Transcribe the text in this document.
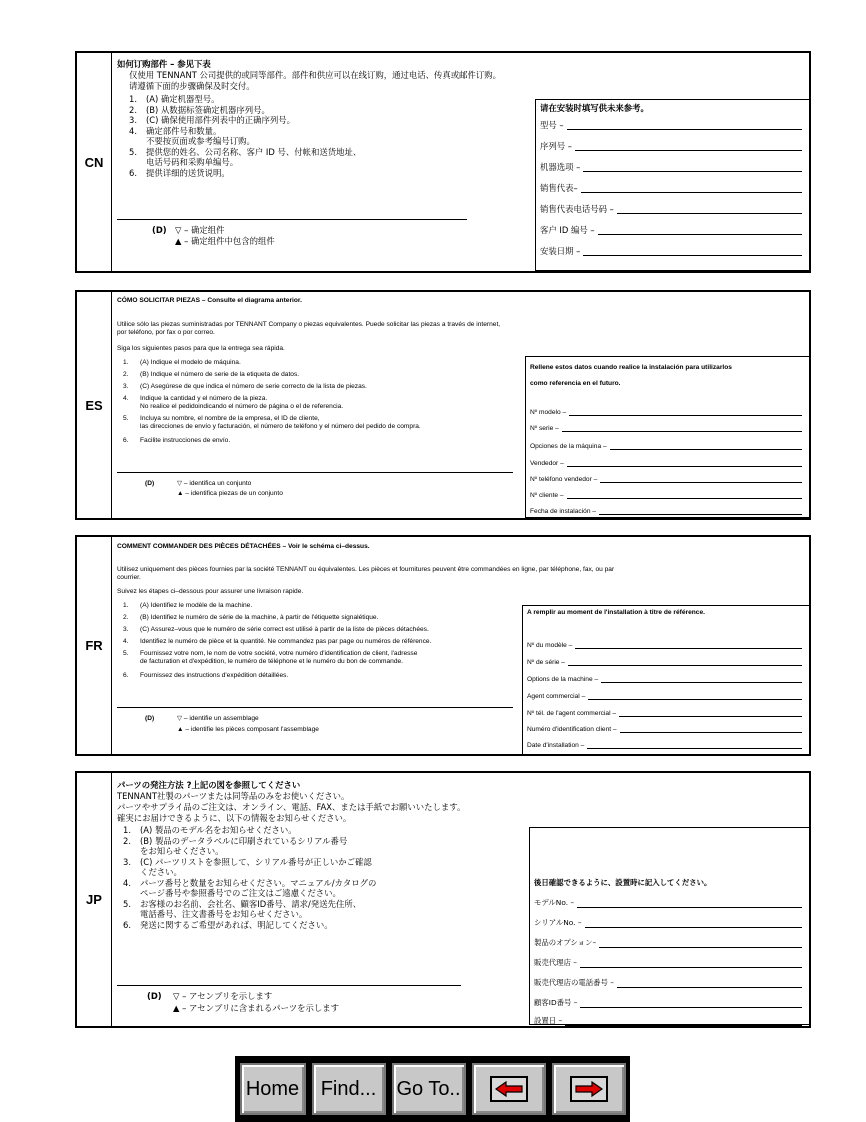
CN
如何订购部件 – 参见下表
仅使用 TENNANT 公司提供的或同等部件。部件和供应可以在线订购，通过电话、传真或邮件订购。
请遵循下面的步骤确保及时交付。
1.	(A) 确定机器型号。
2.	(B) 从数据标签确定机器序列号。
3.	(C) 确保使用部件列表中的正确序列号。
4.	确定部件号和数量。
不要按页面或参考编号订购。
5.	提供您的姓名、公司名称、客户 ID 号、付帐和送货地址、
电话号码和采购单编号。
6.	提供详细的送货说明。
(D) ▽ – 确定组件
▲ – 确定组件中包含的组件
请在安装时填写供未来参考。
型号 –
序列号 –
机器选项 –
销售代表–
销售代表电话号码 –
客户 ID 编号 –
安装日期 –
ES
CÓMO SOLICITAR PIEZAS – Consulte el diagrama anterior.
Utilice sólo las piezas suministradas por TENNANT Company o piezas equivalentes. Puede solicitar las piezas a través de internet,
por teléfono, por fax o por correo.
Siga los siguientes pasos para que la entrega sea rápida.
1.	(A) Indique el modelo de máquina.
2.	(B) Indique el número de serie de la etiqueta de datos.
3.	(C) Asegúrese de que indica el número de serie correcto de la lista de piezas.
4.	Indique la cantidad y el número de la pieza.
No realice el pedidoindicando el número de página o el de referencia.
5.	Incluya su nombre, el nombre de la empresa, el ID de cliente,
las direcciones de envío y facturación, el número de teléfono y el número del pedido de compra.
6.	Facilite instrucciones de envío.
(D)	▽ – identifica un conjunto
▲ – identifica piezas de un conjunto
Rellene estos datos cuando realice la instalación para utilizarlos
como referencia en el futuro.
Nº modelo –
Nº serie –
Opciones de la máquina –
Vendedor –
Nº teléfono vendedor –
Nº cliente –
Fecha de instalación –
FR
COMMENT COMMANDER DES PIÈCES DÉTACHÉES – Voir le schéma ci–dessus.
Utilisez uniquement des pièces fournies par la société TENNANT ou équivalentes. Les pièces et fournitures peuvent être commandées en ligne, par téléphone, fax, ou par
courrier.
Suivez les étapes ci–dessous pour assurer une livraison rapide.
1.	(A) Identifiez le modèle de la machine.
2.	(B) Identifiez le numéro de série de la machine, à partir de l'étiquette signalétique.
3.	(C) Assurez–vous que le numéro de série correct est utilisé à partir de la liste de pièces détachées.
4.	Identifiez le numéro de pièce et la quantité. Ne commandez pas par page ou numéros de référence.
5.	Fournissez votre nom, le nom de votre société, votre numéro d'identification de client, l'adresse
de facturation et d'expédition, le numéro de téléphone et le numéro du bon de commande.
6.	Fournissez des instructions d'expédition détaillées.
(D)	▽ – identifie un assemblage
▲ – identifie les pièces composant l'assemblage
A remplir au moment de l'installation à titre de référence.
Nº du modèle –
Nº de série –
Options de la machine –
Agent commercial –
Nº tél. de l'agent commercial –
Numéro d'identification client –
Date d'installation –
JP
パーツの発注方法 ?上記の図を参照してください
TENNANT社製のパーツまたは同等品のみをお使いください。
パーツやサプライ品のご注文は、オンライン、電話、FAX、または手紙でお願いいたします。
確実にお届けできるように、以下の情報をお知らせください。
1.	(A) 製品のモデル名をお知らせください。
2.	(B) 製品のデータラベルに印刷されているシリアル番号
をお知らせください。
3.	(C) パーツリストを参照して、シリアル番号が正しいかご確認
ください。
4.	パーツ番号と数量をお知らせください。マニュアル/カタログの
ページ番号や参照番号でのご注文はご遠慮ください。
5.	お客様のお名前、会社名、顧客ID番号、請求/発送先住所、
電話番号、注文書番号をお知らせください。
6.	発送に関するご希望があれば、明記してください。
(D) ▽ – アセンブリを示します
▲ – アセンブリに含まれるパーツを示します
後日確認できるように、設置時に記入してください。
モデルNo. –
シリアルNo. –
製品のオプション–
販売代理店 –
販売代理店の電話番号 –
顧客ID番号 –
設置日 –
Home	Find...	Go To..
